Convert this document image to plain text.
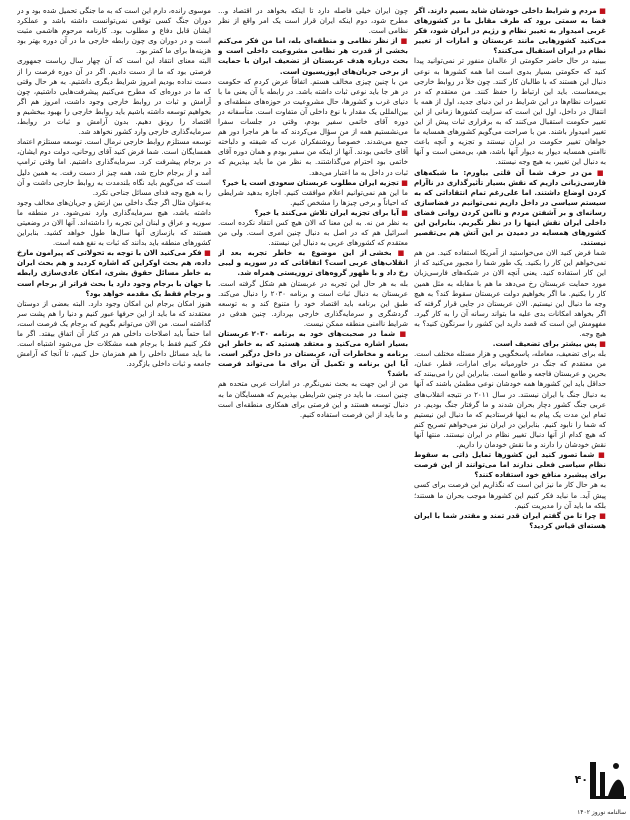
■ مردم و شرایط داخلی خودشان شاید بسیم دارند. اگر فضا به سمتی برود که طرف مقابل ما در کشورهای غربی امیدوار به تغییر نظام و رژیم در ایران شود، فکر می‌کنید کشورهایی مانند عربستان و امارات از تغییر نظام در ایران استقبال می‌کنند؟

ببینید در حال حاضر حکومتی از عالمان منفور تر نمی‌توانید پیدا کنید که حکومتی بسیار بدوی است اما همه کشورها به نوعی دنبال این هستند که با طالبان کار کنند. چون خلأ در روابط خارجی بی‌معناست. باید این ارتباط را حفظ کنند. من معتقدم که در تغییرات نظام‌ها در این شرایط در این دنیای جدید، اول از همه با انتقال در داخل، اول این است که سرایت کشورها زمانی از این تغییر حکومت استقبال می‌کنند که به برقراری ثبات پیش از این تغییر امیدوار باشند. من با صراحت می‌گویم کشورهای همسایه ما خواهان تغییر حکومت در ایران نیستند و تجزیه و آنچه باعث ناامنی همسایه دیوار به دیوار آنها باشد، هم، بی‌معنی است و آنها به دنبال این تغییر، به هیچ وجه نیستند.

■ من در حرف شما آن قلتی بیاورم: ما شبکه‌های فارسی‌زبانی داریم که نقش بسیار تأثیرگذاری در ناآرام کردن اوضاع داشتند. اما علی‌رغم تمام انتقاداتی که به سیستم سیاسی در داخل داریم نمی‌توانیم در فضاسازی رسانه‌ای و بر آشفتن مردم و ناامن کردن روانی فضای داخلی ایران نقش اینها را در نظر نگیریم. بنابراین این کشورهای همسایه در دمیدن بر این آتش هم بی‌تقصیر نیستند.

شما فرض کنید الان می‌خواستید از آمریکا استفاده کنید. من هم نمی‌خواهم این کار را بکنید. یک طور شما را مجبور می‌کنید که از این کار استفاده کنید. یعنی آنچه الان در شبکه‌های فارسی‌زبان مورد حمایت عربستان رخ می‌دهد ما هم با مقابله به مثل همین کار را بکنیم. ما اگر بخواهیم دولت عربستان سقوط کند؟ به هیچ وجه ما دنبال این نیستیم. الان عربستان در جایی قرار گرفته که اگر بخواهد امکانات بدی علیه ما بتواند رسانه آن را به کار گیرد. مفهومش این است که قصد دارید این کشور را سرنگون کنید؟ به هیچ وجه.

■ پس بیشتر برای تضعیف است.

بله برای تضعیف، معامله، پاسخگویی و هزار مسئله مختلف است. من معتقدم که جنگ در خاورمیانه برای امارات، قطر، عمان، بحرین و عربستان فاجعه و طامع است. بنابراین این را می‌بینند که حداقل باید این کشورها همه خودشان نوعی مطمئن باشند که آنها به دنبال جنگ با ایران نیستند. در سال ۲۰۱۱ در نتیجه انقلاب‌های عربی جنگ کشور دچار بحران شدند و ما گرفتار جنگ بودیم. در تمام این مدت یک پیام به اینها فرستادیم که ما دنبال این نیستیم که شما را نابود کنیم. بنابراین در ایران نیز می‌خواهم تصریح کنم که هیچ کدام از آنها دنبال تغییر نظام در ایران نیستند. منتها آنها نقش خودشان را دارند و ما نقش خودمان را داریم.

■ شما تصور کنید این کشورها تمایل ذاتی به سقوط نظام سیاسی فعلی ندارند اما می‌توانند از این فرصت برای پیشبرد منافع خود استفاده کنند؟

به هر حال کار ما نیز این است که نگذاریم این فرصت برای کسی پیش آید. ما نباید فکر کنیم این کشورها موجب بحران ما هستند؛ بلکه ما باید آن را مدیریت کنیم.

■ چرا تا من گفتم ایران قدر تمند و مقتدر شما با ایران هسته‌ای قیاس کردید؟

چون ایران خیلی فاصله دارد تا اینکه بخواهد در اقتصاد و... مطرح شود، دوم اینکه ایران قرار است یک امر واقع از نظر نظامی است.

■ از نظر نظامی و منطقه‌ای بله، اما من فکر می‌کنم بخشی از قدرت هر نظامی مشروعیت داخلی است و بحث درباره هدف عربستان از تضعیف ایران با حمایت از برخی جریان‌های اپوزیسیون است.

من با چنین چیزی مخالف هستم. اتفاقاً عرض کردم که حکومت در هر جا باید نوعی ثبات داشته باشد. در رابطه با آن یعنی ما با دنیای غرب و کشورها، حال مشروعیت در حوزه‌های منطقه‌ای و بین‌المللی یک مقدار با نوع داخلی آن متفاوت است. متأسفانه در دوره آقای خاتمی سفیر بودم، وقتی در جلسات سفرا می‌نشستیم همه از من سؤال می‌کردند که ما هر ماجرا دور هم جمع می‌شدند. خصوصاً روشنفکران عرب که شیفته و دلباخته آقای خاتمی بودند. آنها از اینکه من سفیر بودم و همان دوره آقای خاتمی بود احترام می‌گذاشتند. به نظر من ما باید بپذیریم که ثبات در داخل به ما اعتبار می‌دهد.

■ تجزیه ایران مطلوب عربستان سعودی است یا خیر؟

ما این هم نمی‌توانیم اعلام موافقت کنیم. اجازه بدهید شرایطی که احیاناً و برخی چیزها را مشخص کنیم.

■ آیا برای تجزیه ایران تلاش می‌کنند یا خیر؟

به نظر من نه. به این معنا که الان هیچ کس انتقاد نکرده است. اسرائیل هم که در اصل به دنبال چنین امری است. ولی من معتقدم که کشورهای عربی به دنبال این نیستند.

■ بخشی از این موضوع به خاطر تجربه بعد از انقلاب‌های عربی است؟ اتفاقاتی که در سوریه و لیبی رخ داد و با ظهور گروه‌های تروریستی همراه شد.

بله به هر حال این تجربه در عربستان هم شکل گرفته است. عربستان به دنبال ثبات است و برنامه ۲۰۳۰ را دنبال می‌کند. طبق این برنامه باید اقتصاد خود را متنوع کند و به توسعه گردشگری و سرمایه‌گذاری خارجی بپردازد. چنین هدفی در شرایط ناامنی منطقه ممکن نیست.

■ شما در صحبت‌های خود به برنامه ۲۰۳۰ عربستان بسیار اشاره می‌کنید و معتقد هستید که به خاطر این برنامه و مخاطرات آن، عربستان در داخل درگیر است. آیا این برنامه و تکمیل آن برای ما می‌تواند فرصت باشد؟

من از این جهت به بحث نمی‌نگرم. در امارات عربی متحده هم چنین است. ما باید در چنین شرایطی بپذیریم که همسایگان ما به دنبال توسعه هستند و این فرصتی برای همکاری منطقه‌ای است و ما باید از این فرصت استفاده کنیم.

موسوی رانده، دارم این است که به ما جنگی تحمیل شده بود و در دوران جنگ کسی توقعی نمی‌توانست داشته باشد و عملکرد ایشان قابل دفاع و مطلوب بود. کارنامه مرحوم هاشمی مثبت است و در دوران وی چون رابطه خارجی ما در آن دوره بهتر بود هزینه‌ها برای ما کمتر بود.

البته معنای انتقاد این است که آن چهار سال ریاست جمهوری فرصتی بود که ما از دست دادیم. اگر در آن دوره فرصت را از دست نداده بودیم امروز شرایط دیگری داشتیم. به هر حال وقتی که ما در دوره‌ای که مطرح می‌کنیم پیشرفت‌هایی داشتیم، چون آرامش و ثبات در روابط خارجی وجود داشت، امروز هم اگر بخواهیم توسعه داشته باشیم باید روابط خارجی را بهبود ببخشیم و اقتصاد را رونق دهیم. بدون آرامش و ثبات در روابط، سرمایه‌گذاری خارجی وارد کشور نخواهد شد.

توسعه مستلزم روابط خارجی نرمال است. توسعه مستلزم اعتماد همسایگان است. شما فرض کنید آقای روحانی، دولت دوم ایشان، در برجام پیشرفت کرد. سرمایه‌گذاری داشتیم. اما وقتی ترامپ آمد و از برجام خارج شد، همه چیز از دست رفت. به همین دلیل است که می‌گویم باید نگاه بلندمدت به روابط خارجی داشت و آن را به هیچ وجه فدای مسائل جناحی نکرد.

به‌عنوان مثال اگر جنگ داخلی بین ارتش و جریان‌های مخالف وجود داشته باشد، هیچ سرمایه‌گذاری وارد نمی‌شود. در منطقه ما سوریه و عراق و لبنان این تجربه را داشته‌اند. آنها الان در وضعیتی هستند که بازسازی آنها سال‌ها طول خواهد کشید. بنابراین کشورهای منطقه باید بدانند که ثبات به نفع همه است.

■ فکر می‌کنید الان با توجه به تحولاتی که پیرامون مارخ داده، هم بحث اوکراین که اشاره کردید و هم بحث ایران به خاطر مسائل حقوق بشری، امکان عادی‌سازی رابطه با جهان با برجام وجود دارد یا بحث فراتر از برجام است و برجام فقط یک مقدمه خواهد بود؟

هنوز امکان برجام این امکان وجود دارد. البته بعضی از دوستان معتقدند که ما باید از این حرفها عبور کنیم و دنیا را هم پشت سر گذاشته است. من الان می‌توانم بگویم که برجام یک فرصت است، اما حتماً باید اصلاحات داخلی هم در کنار آن اتفاق بیفتد. اگر ما فکر کنیم فقط با برجام همه مشکلات حل می‌شود اشتباه است. ما باید مسائل داخلی را هم همزمان حل کنیم، تا آنجا که آرامش جامعه و ثبات داخلی بازگردد.

۴۰
سالنامه نوروز ۱۴۰۲
